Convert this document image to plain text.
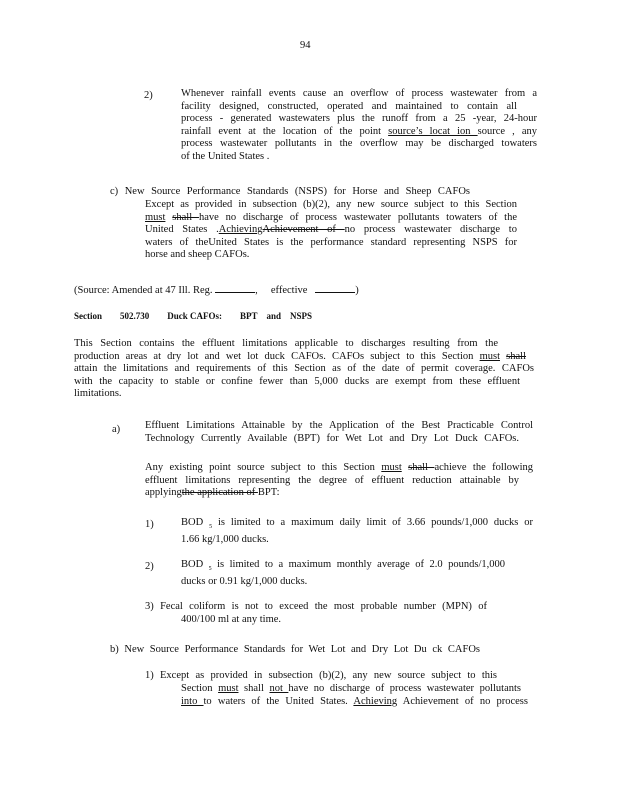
94
2)	Whenever rainfall events cause an overflow of process wastewater from a
facility designed, constructed, operated and maintained to contain all
process - generated wastewaters plus the runoff from a 25 -year, 24-hour
rainfall event at the location of the point source’s locat ion source , any
process wastewater pollutants in the overflow may be discharged towaters
of the United States .
c) New Source Performance Standards (NSPS) for Horse and Sheep CAFOs
Except as provided in subsection (b)(2), any new source subject to this Section
must shall have no discharge of process wastewater pollutants towaters of the
United States .AchievingAchievement of no process wastewater discharge to
waters of theUnited States is the performance standard representing NSPS for
horse and sheep CAFOs.
(Source: Amended at 47 Ill. Reg.	,     effective	)
Section 502.730 Duck CAFOs: BPT and NSPS
This Section contains the effluent limitations applicable to discharges resulting from the
production areas at dry lot and wet lot duck CAFOs. CAFOs subject to this Section must shall
attain the limitations and requirements of this Section as of the date of permit coverage. CAFOs
with the capacity to stable or confine fewer than 5,000 ducks are exempt from these effluent
limitations.
a) Effluent Limitations Attainable by the Application of the Best Practicable Control
Technology Currently Available (BPT) for Wet Lot and Dry Lot Duck CAFOs.
Any existing point source subject to this Section must shall achieve the following
effluent limitations representing the degree of effluent reduction attainable by
applyingthe application of BPT:
1)	BOD $_5$ is limited to a maximum daily limit of 3.66 pounds/1,000 ducks or
1.66 kg/1,000 ducks.
2)	BOD $_5$ is limited to a maximum monthly average of 2.0 pounds/1,000
ducks or 0.91 kg/1,000 ducks.
3) Fecal coliform is not to exceed the most probable number (MPN) of
400/100 ml at any time.
b) New Source Performance Standards for Wet Lot and Dry Lot Du ck CAFOs
1) Except as provided in subsection (b)(2), any new source subject to this
Section must shall not have no discharge of process wastewater pollutants
into to waters of the United States. Achieving Achievement of no process
